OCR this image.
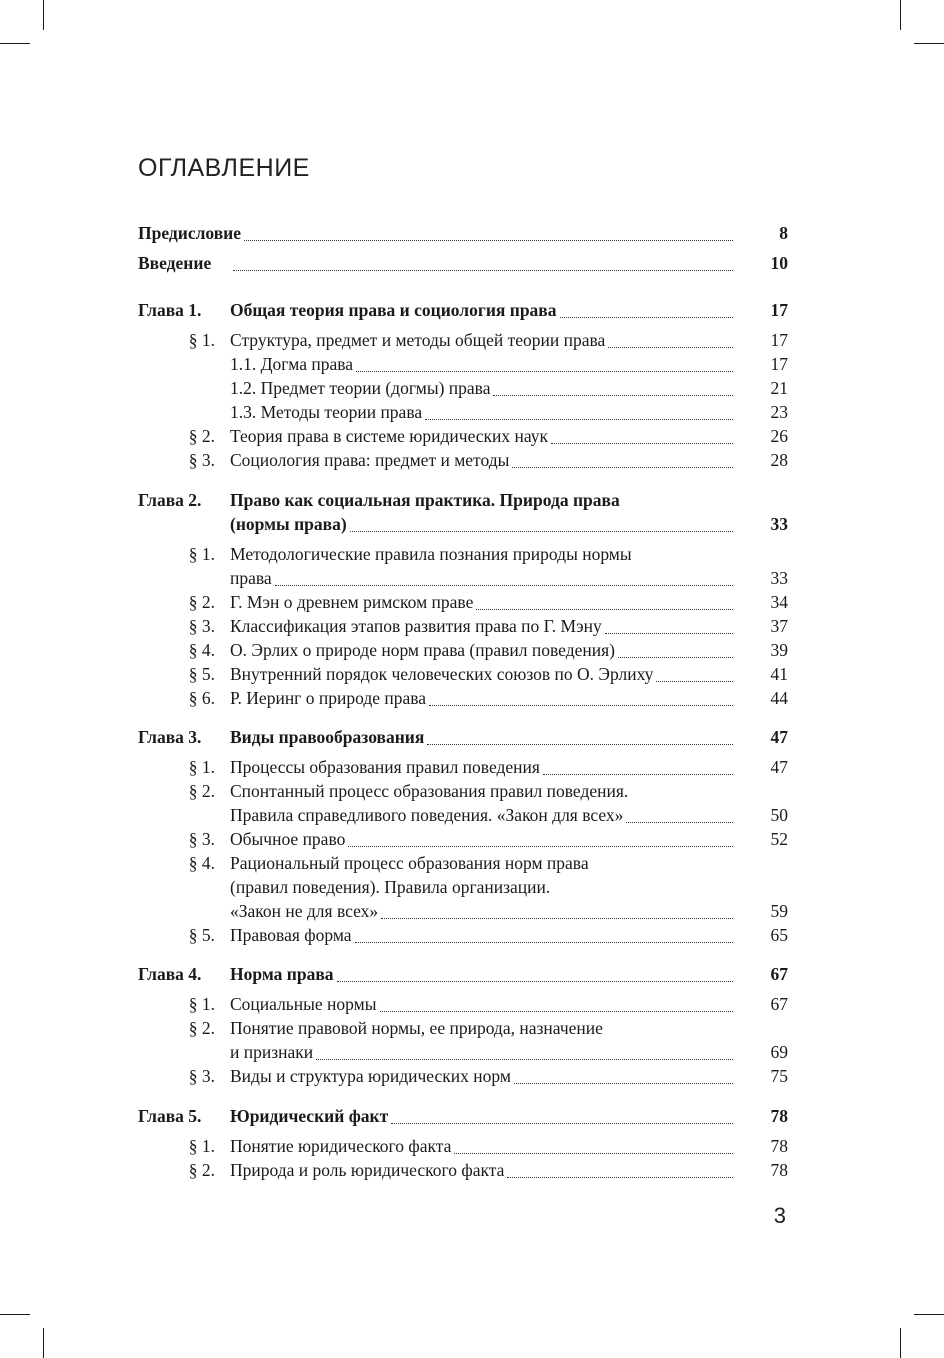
ОГЛАВЛЕНИЕ
Предисловие	8
Введение	10
Глава 1. Общая теория права и социология права	17
§ 1. Структура, предмет и методы общей теории права	17
1.1. Догма права	17
1.2. Предмет теории (догмы) права	21
1.3. Методы теории права	23
§ 2. Теория права в системе юридических наук	26
§ 3. Социология права: предмет и методы	28
Глава 2. Право как социальная практика. Природа права
(нормы права)	33
§ 1. Методологические правила познания природы нормы
права	33
§ 2. Г. Мэн о древнем римском праве	34
§ 3. Классификация этапов развития права по Г. Мэну	37
§ 4. О. Эрлих о природе норм права (правил поведения)	39
§ 5. Внутренний порядок человеческих союзов по О. Эрлиху	41
§ 6. Р. Иеринг о природе права	44
Глава 3. Виды правообразования	47
§ 1. Процессы образования правил поведения	47
§ 2. Спонтанный процесс образования правил поведения.
Правила справедливого поведения. «Закон для всех»	50
§ 3. Обычное право	52
§ 4. Рациональный процесс образования норм права
(правил поведения). Правила организации.
«Закон не для всех»	59
§ 5. Правовая форма	65
Глава 4. Норма права	67
§ 1. Социальные нормы	67
§ 2. Понятие правовой нормы, ее природа, назначение
и признаки	69
§ 3. Виды и структура юридических норм	75
Глава 5. Юридический факт	78
§ 1. Понятие юридического факта	78
§ 2. Природа и роль юридического факта	78
3
